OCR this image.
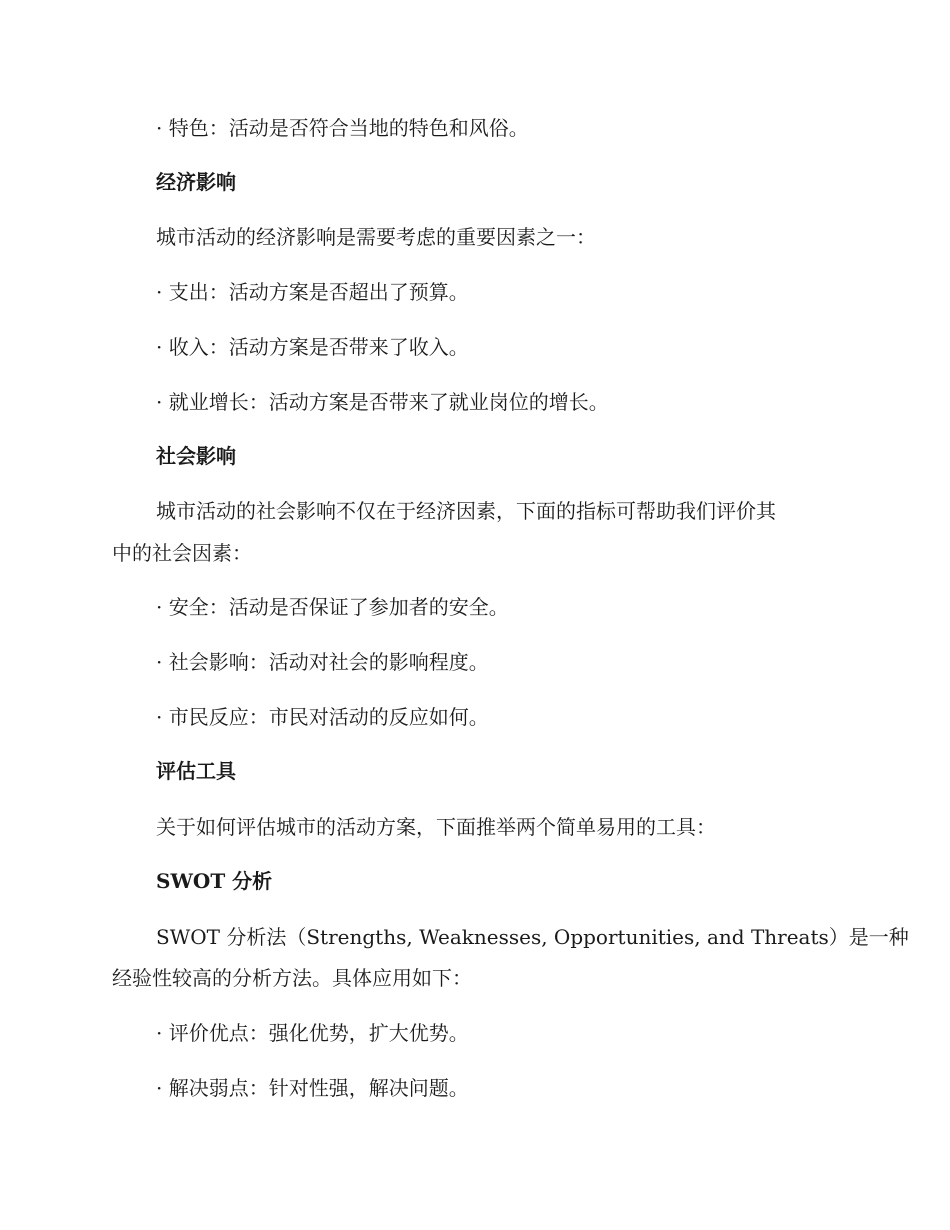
· 特色：活动是否符合当地的特色和风俗。

经济影响

城市活动的经济影响是需要考虑的重要因素之一：

· 支出：活动方案是否超出了预算。

· 收入：活动方案是否带来了收入。

· 就业增长：活动方案是否带来了就业岗位的增长。

社会影响

城市活动的社会影响不仅在于经济因素，下面的指标可帮助我们评价其

中的社会因素：

· 安全：活动是否保证了参加者的安全。

· 社会影响：活动对社会的影响程度。

· 市民反应：市民对活动的反应如何。

评估工具

关于如何评估城市的活动方案，下面推举两个简单易用的工具：

SWOT 分析

SWOT 分析法（Strengths, Weaknesses, Opportunities, and Threats）是一种

经验性较高的分析方法。具体应用如下：

· 评价优点：强化优势，扩大优势。

· 解决弱点：针对性强，解决问题。
